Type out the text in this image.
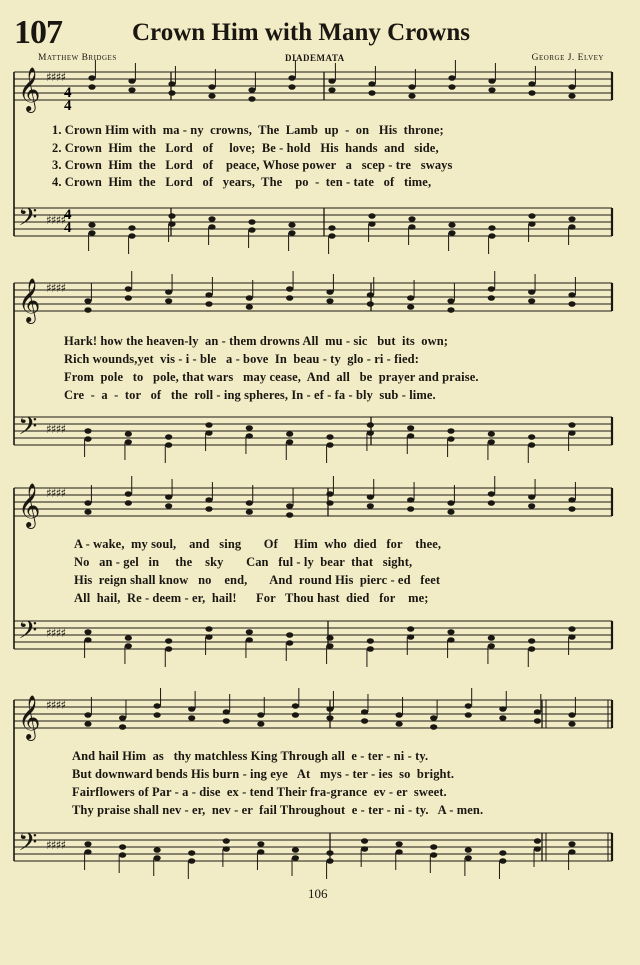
107	Crown Him with Many Crowns
Matthew Bridges	DIADEMATA	George J. Elvey
𝄞 ♯♯♯♯
𝄢 ♯♯♯♯
𝄞 ♯♯♯♯
𝄢 ♯♯♯♯
𝄞 ♯♯♯♯
𝄢 ♯♯♯♯
𝄞 ♯♯♯♯
𝄢 ♯♯♯♯
4
4
4
4
1. Crown Him with  ma - ny  crowns,  The  Lamb  up  -  on   His  throne;
2. Crown  Him  the   Lord   of     love;  Be - hold   His  hands  and   side,
3. Crown  Him  the   Lord   of    peace, Whose power   a   scep - tre   sways
4. Crown  Him  the   Lord   of   years,  The    po  -  ten - tate   of   time,
Hark! how the heaven-ly  an - them drowns All  mu - sic   but  its  own;
Rich wounds,yet  vis - i - ble   a - bove  In  beau - ty  glo - ri - fied:
From  pole   to   pole, that wars   may cease,  And  all   be  prayer and praise.
Cre  -  a  -  tor   of   the  roll - ing spheres, In - ef - fa - bly  sub - lime.
A - wake,  my soul,    and   sing       Of     Him  who  died   for    thee,
No   an - gel   in     the    sky       Can   ful - ly  bear  that   sight,
His  reign shall know   no    end,       And  round His  pierc - ed   feet
All  hail,  Re - deem - er,  hail!      For   Thou hast  died   for    me;
And hail Him  as   thy matchless King Through all  e - ter - ni - ty.
But downward bends His burn - ing eye   At   mys - ter - ies  so  bright.
Fairflowers of Par - a - dise  ex - tend Their fra-grance  ev - er  sweet.
Thy praise shall nev - er,  nev - er  fail Throughout  e - ter - ni - ty.   A - men.
106
